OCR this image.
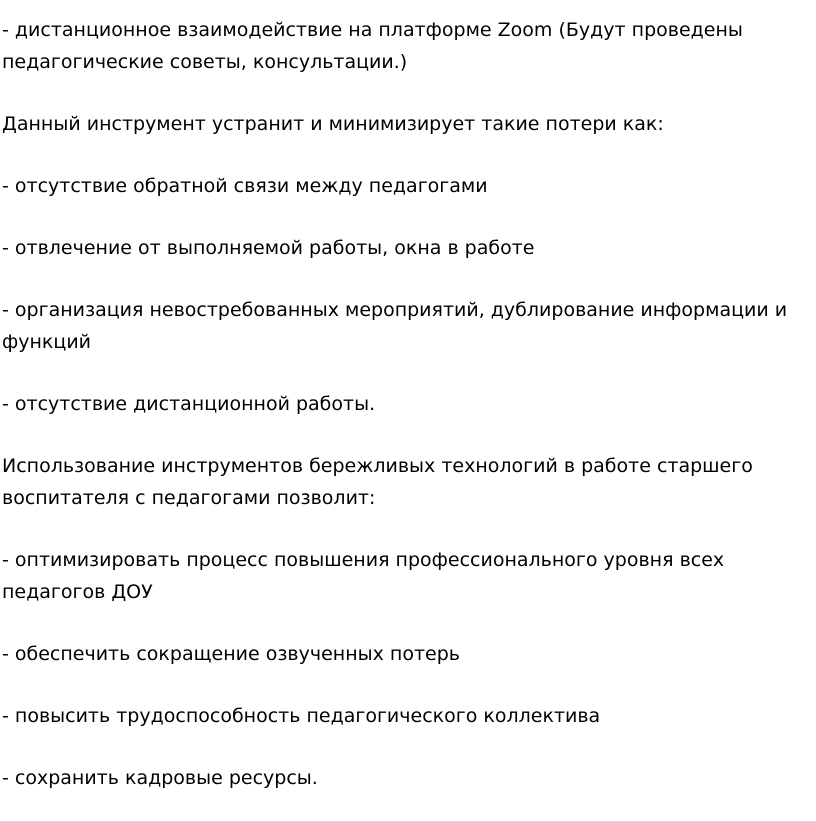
- дистанционное взаимодействие на платформе Zoom (Будут проведены педагогические советы, консультации.)

Данный инструмент устранит и минимизирует такие потери как:

- отсутствие обратной связи между педагогами

- отвлечение от выполняемой работы, окна в работе

- организация невостребованных мероприятий, дублирование информации и функций

- отсутствие дистанционной работы.

Использование инструментов бережливых технологий в работе старшего воспитателя с педагогами позволит:

- оптимизировать процесс повышения профессионального уровня всех педагогов ДОУ

- обеспечить сокращение озвученных потерь

- повысить трудоспособность педагогического коллектива

- сохранить кадровые ресурсы.
